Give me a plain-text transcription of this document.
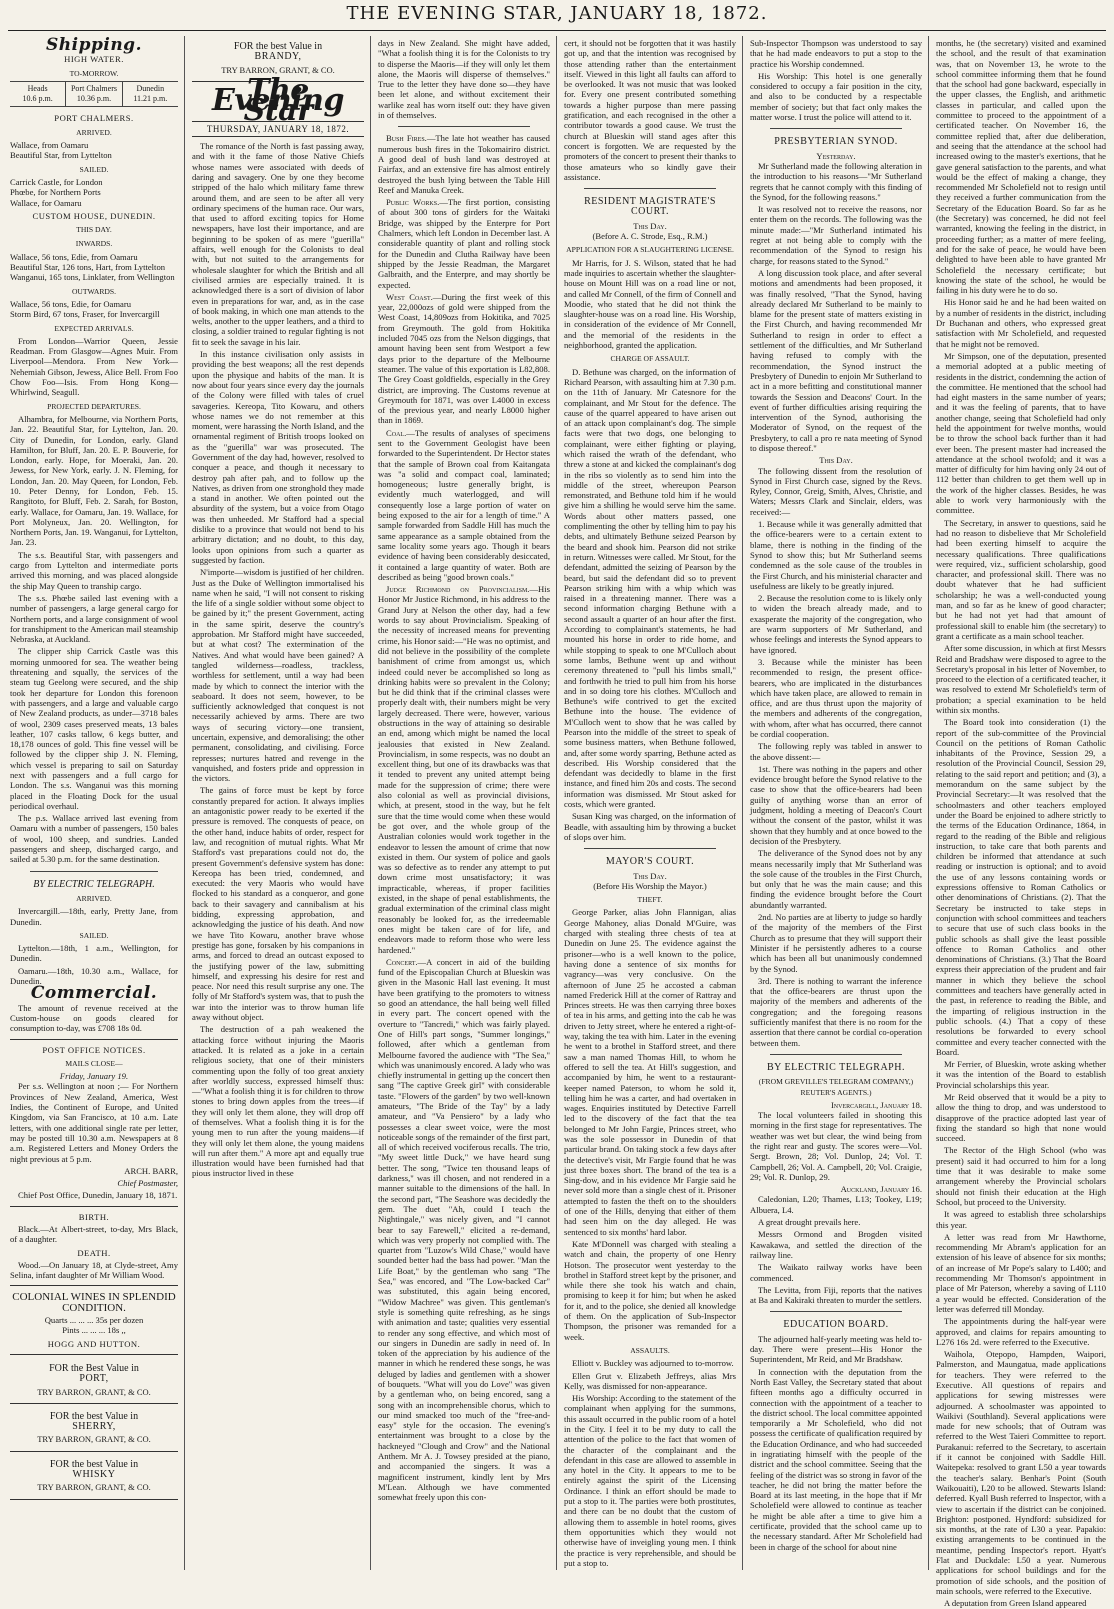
THE EVENING STAR, JANUARY 18, 1872.
Shipping.
HIGH WATER.
TO-MORROW.
Heads
10.6 p.m.
Port Chalmers
10.36 p.m.
Dunedin
11.21 p.m.
PORT CHALMERS.
ARRIVED.

Wallace, from Oamaru
Beautiful Star, from Lyttelton

SAILED.

Carrick Castle, for London
Phœbe, for Northern Ports
Wallace, for Oamaru

CUSTOM HOUSE, DUNEDIN.
THIS DAY.
INWARDS.

Wallace, 56 tons, Edie, from Oamaru
Beautiful Star, 126 tons, Hart, from Lyttelton
Wanganui, 165 tons, Linklater, from Wellington

OUTWARDS.

Wallace, 56 tons, Edie, for Oamaru
Storm Bird, 67 tons, Fraser, for Invercargill

EXPECTED ARRIVALS.

From London—Warrior Queen, Jessie Readman. From Glasgow—Agnes Muir. From Liverpool—Mendora. From New York—Nehemiah Gibson, Jewess, Alice Bell. From Foo Chow Foo—Isis. From Hong Kong—Whirlwind, Seagull.

PROJECTED DEPARTURES.

Alhambra, for Melbourne, via Northern Ports, Jan. 22. Beautiful Star, for Lyttelton, Jan. 20. City of Dunedin, for London, early. Gland Hamilton, for Bluff, Jan. 20. E. P. Bouverie, for London, early. Hope, for Moeraki, Jan. 20. Jewess, for New York, early. J. N. Fleming, for London, Jan. 20. May Queen, for London, Feb. 10. Peter Denny, for London, Feb. 15. Rangitoto, for Bluff, Feb. 2. Sarah, for Boston, early. Wallace, for Oamaru, Jan. 19. Wallace, for Port Molyneux, Jan. 20. Wellington, for Northern Ports, Jan. 19. Wanganui, for Lyttelton, Jan. 23.

The s.s. Beautiful Star, with passengers and cargo from Lyttelton and intermediate ports arrived this morning, and was placed alongside the ship May Queen to tranship cargo.

The s.s. Phœbe sailed last evening with a number of passengers, a large general cargo for Northern ports, and a large consignment of wool for transhipment to the American mail steamship Nebraska, at Auckland.

The clipper ship Carrick Castle was this morning unmoored for sea. The weather being threatening and squally, the services of the steam tug Geelong were secured, and the ship took her departure for London this forenoon with passengers, and a large and valuable cargo of New Zealand products, as under—3718 bales of wool, 2309 cases preserved meats, 13 bales leather, 107 casks tallow, 6 kegs butter, and 18,178 ounces of gold. This fine vessel will be followed by the clipper ship J. N. Fleming, which vessel is preparing to sail on Saturday next with passengers and a full cargo for London. The s.s. Wanganui was this morning placed in the Floating Dock for the usual periodical overhaul.

The p.s. Wallace arrived last evening from Oamaru with a number of passengers, 150 bales of wool, 100 sheep, and sundries. Landed passengers and sheep, discharged cargo, and sailed at 5.30 p.m. for the same destination.

BY ELECTRIC TELEGRAPH.
ARRIVED.

Invercargill.—18th, early, Pretty Jane, from Dunedin.

SAILED.

Lyttelton.—18th, 1 a.m., Wellington, for Dunedin.

Oamaru.—18th, 10.30 a.m., Wallace, for Dunedin.

Commercial.

The amount of revenue received at the Custom-house on goods cleared for consumption to-day, was £708 18s 0d.

POST OFFICE NOTICES.
MAILS CLOSE—
Friday, January 19.

Per s.s. Wellington at noon ;— For Northern Provinces of New Zealand, America, West Indies, the Continent of Europe, and United Kingdom, via San Francisco, at 10 a.m. Late letters, with one additional single rate per letter, may be posted till 10.30 a.m. Newspapers at 8 a.m. Registered Letters and Money Orders the night previous at 5 p.m.

ARCH. BARR,
Chief Postmaster,

Chief Post Office, Dunedin, January 18, 1871.

BIRTH.

Black.—At Albert-street, to-day, Mrs Black, of a daughter.

DEATH.

Wood.—On January 18, at Clyde-street, Amy Selina, infant daughter of Mr William Wood.

COLONIAL WINES IN SPLENDID CONDITION.
Quarts ... ... ... 35s per dozen
Pints ... ... ... 18s ,,
HOGG AND HUTTON.
FOR the Best Value in
PORT,
TRY BARRON, GRANT, & CO.
FOR the best Value in
SHERRY,
TRY BARRON, GRANT, & CO.
FOR the best Value in
WHISKY
TRY BARRON, GRANT, & CO.
FOR the best Value in
BRANDY,
TRY BARRON, GRANT, & CO.
The Evening Star
THURSDAY, JANUARY 18, 1872.

The romance of the North is fast passing away, and with it the fame of those Native Chiefs whose names were associated with deeds of daring and savagery. One by one they become stripped of the halo which military fame threw around them, and are seen to be after all very ordinary specimens of the human race. Our wars, that used to afford exciting topics for Home newspapers, have lost their importance, and are beginning to be spoken of as mere "guerilla" affairs, well enough for the Colonists to deal with, but not suited to the arrangements for wholesale slaughter for which the British and all civilised armies are especially trained. It is acknowledged there is a sort of division of labor even in preparations for war, and, as in the case of book making, in which one man attends to the welts, another to the upper leathers, and a third to closing, a soldier trained to regular fighting is not fit to seek the savage in his lair.

In this instance civilisation only assists in providing the best weapons; all the rest depends upon the physique and habits of the man. It is now about four years since every day the journals of the Colony were filled with tales of cruel savageries. Kereopa, Tito Kowaru, and others whose names we do not remember at this moment, were harassing the North Island, and the ornamental regiment of British troops looked on as the "guerilla" war was prosecuted. The Government of the day had, however, resolved to conquer a peace, and though it necessary to destroy pah after pah, and to follow up the Natives, as driven from one stronghold they made a stand in another. We often pointed out the absurdity of the system, but a voice from Otago was then unheeded. Mr Stafford had a special dislike to a province that would not bend to his arbitrary dictation; and no doubt, to this day, looks upon opinions from such a quarter as suggested by faction.

N'importe—wisdom is justified of her children. Just as the Duke of Wellington immortalised his name when he said, "I will not consent to risking the life of a single soldier without some object to be gained by it;" the present Government, acting in the same spirit, deserve the country's approbation. Mr Stafford might have succeeded, but at what cost? The extermination of the Natives. And what would have been gained? A tangled wilderness—roadless, trackless, worthless for settlement, until a way had been made by which to connect the interior with the seaboard. It does not seem, however, to be sufficiently acknowledged that conquest is not necessarily achieved by arms. There are two ways of securing victory—one transient, uncertain, expensive, and demoralising; the other permanent, consolidating, and civilising. Force represses; nurtures hatred and revenge in the vanquished, and fosters pride and oppression in the victors.

The gains of force must be kept by force constantly prepared for action. It always implies an antagonistic power ready to be exerted if the pressure is removed. The conquests of peace, on the other hand, induce habits of order, respect for law, and recognition of mutual rights. What Mr Stafford's vast preparations could not do, the present Government's defensive system has done: Kereopa has been tried, condemned, and executed: the very Maoris who would have flocked to his standard as a conqueror, and gone back to their savagery and cannibalism at his bidding, expressing approbation, and acknowledging the justice of his death. And now we have Tito Kowaru, another brave whose prestige has gone, forsaken by his companions in arms, and forced to dread an outcast exposed to the justifying power of the law, submitting himself, and expressing his desire for rest and peace. Nor need this result surprise any one. The folly of Mr Stafford's system was, that to push the war into the interior was to throw human life away without object.

The destruction of a pah weakened the attacking force without injuring the Maoris attacked. It is related as a joke in a certain religious society, that one of their ministers commenting upon the folly of too great anxiety after worldly success, expressed himself thus:—"What a foolish thing it is for children to throw stones to bring down apples from the trees—if they will only let them alone, they will drop off of themselves. What a foolish thing it is for the young men to run after the young maidens—if they will only let them alone, the young maidens will run after them." A more apt and equally true illustration would have been furnished had that pious instructor lived in these

days in New Zealand. She might have added, "What a foolish thing it is for the Colonists to try to disperse the Maoris—if they will only let them alone, the Maoris will disperse of themselves." True to the letter they have done so—they have been let alone, and without excitement their warlike zeal has worn itself out: they have given in of themselves.

Bush Fires.—The late hot weather has caused numerous bush fires in the Tokomairiro district. A good deal of bush land was destroyed at Fairfax, and an extensive fire has almost entirely destroyed the bush lying between the Table Hill Reef and Manuka Creek.

Public Works.—The first portion, consisting of about 300 tons of girders for the Waitaki Bridge, was shipped by the Enterpre for Port Chalmers, which left London in December last. A considerable quantity of plant and rolling stock for the Dunedin and Clutha Railway have been shipped by the Jessie Readman, the Margaret Galbraith, and the Enterpre, and may shortly be expected.

West Coast.—During the first week of this year, 22,000ozs of gold were shipped from the West Coast, 14,809ozs from Hokitika, and 7025 from Greymouth. The gold from Hokitika included 7045 ozs from the Nelson diggings, that amount having been sent from Westport a few days prior to the departure of the Melbourne steamer. The value of this exportation is L82,808. The Grey Coast goldfields, especially in the Grey district, are improving. The Customs revenue at Greymouth for 1871, was over L4000 in excess of the previous year, and nearly L8000 higher than in 1869.

Coal.—The results of analyses of specimens sent to the Government Geologist have been forwarded to the Superintendent. Dr Hector states that the sample of Brown coal from Kaitangata was "a solid and compact coal, laminated; homogeneous; lustre generally bright, is evidently much waterlogged, and will consequently lose a large portion of water on being exposed to the air for a length of time." A sample forwarded from Saddle Hill has much the same appearance as a sample obtained from the same locality some years ago. Though it bears evidence of having been considerably desiccated, it contained a large quantity of water. Both are described as being "good brown coals."

Judge Richmond on Provincialism.—His Honor Mr Justice Richmond, in his address to the Grand Jury at Nelson the other day, had a few words to say about Provincialism. Speaking of the necessity of increased means for preventing crime, his Honor said:—"He was no optimist, and did not believe in the possibility of the complete banishment of crime from amongst us, which indeed could never be accomplished so long as drinking habits were so prevalent in the Colony; but he did think that if the criminal classes were properly dealt with, their numbers might be very largely decreased. There were, however, various obstructions in the way of attaining so desirable an end, among which might be named the local jealousies that existed in New Zealand. Provincialism, in some respects, was no doubt an excellent thing, but one of its drawbacks was that it tended to prevent any united attempt being made for the suppression of crime; there were also colonial as well as provincial divisions, which, at present, stood in the way, but he felt sure that the time would come when these would be got over, and the whole group of the Australian colonies would work together in the endeavor to lessen the amount of crime that now existed in them. Our system of police and gaols was so defective as to render any attempt to put down crime most unsatisfactory; it was impracticable, whereas, if proper facilities existed, in the shape of penal establishments, the gradual extermination of the criminal class might reasonably be looked for, as the irredeemable ones might be taken care of for life, and endeavors made to reform those who were less hardened."

Concert.—A concert in aid of the building fund of the Episcopalian Church at Blueskin was given in the Masonic Hall last evening. It must have been gratifying to the promoters to witness so good an attendance, the hall being well filled in every part. The concert opened with the overture to "Tancredi," which was fairly played. One of Hill's part songs, "Summer longings," followed, after which a gentleman from Melbourne favored the audience with "The Sea," which was unanimously encored. A lady who was chiefly instrumental in getting up the concert then sang "The captive Greek girl" with considerable taste. "Flowers of the garden" by two well-known amateurs, "The Bride of the Tay" by a lady amateur, and "Va Pensiero" by a lady who possesses a clear sweet voice, were the most noticeable songs of the remainder of the first part, all of which received vociferous recalls. The trio, "My sweet little Duck," we have heard sung better. The song, "Twice ten thousand leaps of darkness," was ill chosen, and not rendered in a manner suitable to the dimensions of the hall. In the second part, "The Seashore was decidedly the gem. The duet "Ah, could I teach the Nightingale," was nicely given, and "I cannot bear to say Farewell," elicited a re-demand, which was very properly not complied with. The quartet from "Luzow's Wild Chase," would have sounded better had the bass had power. "Man the Life Boat," by the gentleman who sang "The Sea," was encored, and "The Low-backed Car" was substituted, this again being encored, "Widow Machree" was given. This gentleman's style is something quite refreshing, as he sings with animation and taste; qualities very essential to render any song effective, and which most of our singers in Dunedin are sadly in need of. In token of the appreciation by his audience of the manner in which he rendered these songs, he was deluged by ladies and gentlemen with a shower of bouquets. "What will you do Love" was given by a gentleman who, on being encored, sang a song with an incomprehensible chorus, which to our mind smacked too much of the "free-and-easy" style for the occasion. The evening's entertainment was brought to a close by the hackneyed "Clough and Crow" and the National Anthem. Mr A. J. Towsey presided at the piano, and accompanied the singers. It was a magnificent instrument, kindly lent by Mrs M'Lean. Although we have commented somewhat freely upon this con-

cert, it should not be forgotten that it was hastily got up, and that the intention was recognised by those attending rather than the entertainment itself. Viewed in this light all faults can afford to be overlooked. It was not music that was looked for. Every one present contributed something towards a higher purpose than mere passing gratification, and each recognised in the other a contributor towards a good cause. We trust the church at Blueskin will stand ages after this concert is forgotten. We are requested by the promoters of the concert to present their thanks to those amateurs who so kindly gave their assistance.

RESIDENT MAGISTRATE'S COURT.
This Day.
(Before A. C. Strode, Esq., R.M.)
APPLICATION FOR A SLAUGHTERING LICENSE.

Mr Harris, for J. S. Wilson, stated that he had made inquiries to ascertain whether the slaughter-house on Mount Hill was on a road line or not, and called Mr Connell, of the firm of Connell and Moodie, who stated that he did not think the slaughter-house was on a road line. His Worship, in consideration of the evidence of Mr Connell, and the memorial of the residents in the neighborhood, granted the application.

CHARGE OF ASSAULT.

D. Bethune was charged, on the information of Richard Pearson, with assaulting him at 7.30 p.m. on the 11th of January. Mr Catesnore for the complainant, and Mr Stout for the defence. The cause of the quarrel appeared to have arisen out of an attack upon complainant's dog. The simple facts were that two dogs, one belonging to complainant, were either fighting or playing, which raised the wrath of the defendant, who threw a stone at and kicked the complainant's dog in the ribs so violently as to send him into the middle of the street, whereupon Pearson remonstrated, and Bethune told him if he would give him a shilling he would serve him the same. Words about other matters passed, one complimenting the other by telling him to pay his debts, and ultimately Bethune seized Pearson by the beard and shook him. Pearson did not strike in return. Witnesses were called. Mr Stout, for the defendant, admitted the seizing of Pearson by the beard, but said the defendant did so to prevent Pearson striking him with a whip which was raised in a threatening manner. There was a second information charging Bethune with a second assault a quarter of an hour after the first. According to complainant's statements, he had mounted his horse in order to ride home, and while stopping to speak to one M'Culloch about some lambs, Bethune went up and without ceremony threatened to "pull his limbs small," and forthwith he tried to pull him from his horse and in so doing tore his clothes. M'Culloch and Bethune's wife contrived to get the excited Bethune into the house. The evidence of M'Culloch went to show that he was called by Pearson into the middle of the street to speak of some business matters, when Bethune followed, and, after some wordy sparring, Bethune acted as described. His Worship considered that the defendant was decidedly to blame in the first instance, and fined him 20s and costs. The second information was dismissed. Mr Stout asked for costs, which were granted.

Susan King was charged, on the information of Beadle, with assaulting him by throwing a bucket of slops over him.

MAYOR'S COURT.
This Day.
(Before His Worship the Mayor.)
THEFT.

George Parker, alias John Flannigan, alias George Mahoney, alias Donald M'Guire, was charged with stealing three chests of tea at Dunedin on June 25. The evidence against the prisoner—who is a well known to the police, having done a sentence of six months for vagrancy—was very conclusive. On the afternoon of June 25 he accosted a cabman named Frederick Hill at the corner of Rattray and Princes streets. He was then carrying three boxes of tea in his arms, and getting into the cab he was driven to Jetty street, where he entered a right-of-way, taking the tea with him. Later in the evening he went to a brothel in Stafford street, and there saw a man named Thomas Hill, to whom he offered to sell the tea. At Hill's suggestion, and accompanied by him, he went to a restaurant-keeper named Paterson, to whom he sold it, telling him he was a carter, and had overtaken in wages. Enquiries instituted by Detective Farrell led to the discovery of the fact that the tea belonged to Mr John Fargie, Princes street, who was the sole possessor in Dunedin of that particular brand. On taking stock a few days after the detective's visit, Mr Fargie found that he was just three boxes short. The brand of the tea is a Sing-dow, and in his evidence Mr Fargie said he never sold more than a single chest of it. Prisoner attempted to fasten the theft on to the shoulders of one of the Hills, denying that either of them had seen him on the day alleged. He was sentenced to six months' hard labor.

Kate M'Donnell was charged with stealing a watch and chain, the property of one Henry Hotson. The prosecutor went yesterday to the brothel in Stafford street kept by the prisoner, and while there she took his watch and chain, promising to keep it for him; but when he asked for it, and to the police, she denied all knowledge of them. On the application of Sub-Inspector Thompson, the prisoner was remanded for a week.

ASSAULTS.

Elliott v. Buckley was adjourned to to-morrow.

Ellen Grut v. Elizabeth Jeffreys, alias Mrs Kelly, was dismissed for non-appearance.

His Worship: According to the statement of the complainant when applying for the summons, this assault occurred in the public room of a hotel in the City. I feel it to be my duty to call the attention of the police to the fact that women of the character of the complainant and the defendant in this case are allowed to assemble in any hotel in the City. It appears to me to be entirely against the spirit of the Licensing Ordinance. I think an effort should be made to put a stop to it. The parties were both prostitutes, and there can be no doubt that the custom of allowing them to assemble in hotel rooms, gives them opportunities which they would not otherwise have of inveigling young men. I think the practice is very reprehensible, and should be put a stop to.

Sub-Inspector Thompson was understood to say that he had made endeavors to put a stop to the practice his Worship condemned.

His Worship: This hotel is one generally considered to occupy a fair position in the city, and also to be conducted by a respectable member of society; but that fact only makes the matter worse. I trust the police will attend to it.

PRESBYTERIAN SYNOD.
Yesterday.

Mr Sutherland made the following alteration in the introduction to his reasons—"Mr Sutherland regrets that he cannot comply with this finding of the Synod, for the following reasons."

It was resolved not to receive the reasons, nor enter them on the records. The following was the minute made:—"Mr Sutherland intimated his regret at not being able to comply with the recommendation of the Synod to resign his charge, for reasons stated to the Synod."

A long discussion took place, and after several motions and amendments had been proposed, it was finally resolved, "That the Synod, having already declared Mr Sutherland to be mainly to blame for the present state of matters existing in the First Church, and having recommended Mr Sutherland to resign in order to effect a settlement of the difficulties, and Mr Sutherland having refused to comply with the recommendation, the Synod instruct the Presbytery of Dunedin to enjoin Mr Sutherland to act in a more befitting and constitutional manner towards the Session and Deacons' Court. In the event of further difficulties arising requiring the intervention of the Synod, authorising the Moderator of Synod, on the request of the Presbytery, to call a pro re nata meeting of Synod to dispose thereof."

This Day.

The following dissent from the resolution of Synod in First Church case, signed by the Revs. Ryley, Connor, Greig, Smith, Alves, Christie, and Waters; Messrs Clark and Sinclair, elders, was received:—

1. Because while it was generally admitted that the office-bearers were to a certain extent to blame, there is nothing in the finding of the Synod to show this; but Mr Sutherland seems condemned as the sole cause of the troubles in the First Church, and his ministerial character and usefulness are likely to be greatly injured.

2. Because the resolution come to is likely only to widen the breach already made, and to exasperate the majority of the congregation, who are warm supporters of Mr Sutherland, and whose feelings and interests the Synod appears to have ignored.

3. Because while the minister has been recommended to resign, the present office-bearers, who are implicated in the disturbances which have taken place, are allowed to remain in office, and are thus thrust upon the majority of the members and adherents of the congregation, with whom, after what has occurred, there cannot be cordial cooperation.

The following reply was tabled in answer to the above dissent:—

1st. There was nothing in the papers and other evidence brought before the Synod relative to the case to show that the office-bearers had been guilty of anything worse than an error of judgment, holding a meeting of Deacon's Court without the consent of the pastor, whilst it was shown that they humbly and at once bowed to the decision of the Presbytery.

The deliverance of the Synod does not by any means necessarily imply that Mr Sutherland was the sole cause of the troubles in the First Church, but only that he was the main cause; and this finding the evidence brought before the Court abundantly warranted.

2nd. No parties are at liberty to judge so hardly of the majority of the members of the First Church as to presume that they will support their Minister if he persistently adheres to a course which has been all but unanimously condemned by the Synod.

3rd. There is nothing to warrant the inference that the office-bearers are thrust upon the majority of the members and adherents of the congregation; and the foregoing reasons sufficiently manifest that there is no room for the assertion that there cannot be cordial co-operation between them.

BY ELECTRIC TELEGRAPH.
(FROM GREVILLE'S TELEGRAM COMPANY,) REUTER'S AGENTS.)
Invercargill, January 18.

The local volunteers failed in shooting this morning in the first stage for representatives. The weather was wet but clear, the wind being from the right rear and gusty. The scores were—Vol. Sergt. Brown, 28; Vol. Dunlop, 24; Vol. T. Campbell, 26; Vol. A. Campbell, 20; Vol. Craigie, 29; Vol. R. Dunlop, 29.

Auckland, January 16.

Caledonian, L20; Thames, L13; Tookey, L19; Albuera, L4.

A great drought prevails here.

Messrs Ormond and Brogden visited Kawakawa, and settled the direction of the railway line.

The Waikato railway works have been commenced.

The Levitta, from Fiji, reports that the natives at Ba and Kakiraki threaten to murder the settlers.

EDUCATION BOARD.

The adjourned half-yearly meeting was held to-day. There were present—His Honor the Superintendent, Mr Reid, and Mr Bradshaw.

In connection with the deputation from the North East Valley, the Secretary stated that about fifteen months ago a difficulty occurred in connection with the appointment of a teacher to the district school. The local committee appointed temporarily a Mr Scholefield, who did not possess the certificate of qualification required by the Education Ordinance, and who had succeeded in ingratiating himself with the people of the district and the school committee. Seeing that the feeling of the district was so strong in favor of the teacher, he did not bring the matter before the Board at its last meeting, in the hope that if Mr Scholefield were allowed to continue as teacher he might be able after a time to give him a certificate, provided that the school came up to the necessary standard. After Mr Scholefield had been in charge of the school for about nine

months, he (the secretary) visited and examined the school, and the result of that examination was, that on November 13, he wrote to the school committee informing them that he found that the school had gone backward, especially in the upper classes, the English, and arithmetic classes in particular, and called upon the committee to proceed to the appointment of a certificated teacher. On November 16, the committee replied that, after due deliberation, and seeing that the attendance at the school had increased owing to the master's exertions, that he gave general satisfaction to the parents, and what would be the effect of making a change, they recommended Mr Scholefield not to resign until they received a further communication from the Secretary of the Education Board. So far as he (the Secretary) was concerned, he did not feel warranted, knowing the feeling in the district, in proceeding further; as a matter of mere feeling, and for the sake of peace, he would have been delighted to have been able to have granted Mr Scholefield the necessary certificate; but knowing the state of the school, he would be failing in his duty were he to do so.

His Honor said he and he had been waited on by a number of residents in the district, including Dr Buchanan and others, who expressed great satisfaction with Mr Scholefield, and requested that he might not be removed.

Mr Simpson, one of the deputation, presented a memorial adopted at a public meeting of residents in the district, condemning the action of the committee. He mentioned that the school had had eight masters in the same number of years; and it was the feeling of parents, that to have another change, seeing that Scholefield had only held the appointment for twelve months, would be to throw the school back further than it had ever been. The present master had increased the attendance at the school twofold; and it was a matter of difficulty for him having only 24 out of 112 better than children to get them well up in the work of the higher classes. Besides, he was able to work very harmoniously with the committee.

The Secretary, in answer to questions, said he had no reason to disbelieve that Mr Scholefield had been exerting himself to acquire the necessary qualifications. Three qualifications were required, viz., sufficient scholarship, good character, and professional skill. There was no doubt whatever that he had sufficient scholarship; he was a well-conducted young man, and so far as he knew of good character; but he had not yet had that amount of professional skill to enable him (the secretary) to grant a certificate as a main school teacher.

After some discussion, in which at first Messrs Reid and Bradshaw were disposed to agree to the Secretary's proposal in his letter of November, to proceed to the election of a certificated teacher, it was resolved to extend Mr Scholefield's term of probation; a special examination to be held within six months.

The Board took into consideration (1) the report of the sub-committee of the Provincial Council on the petitions of Roman Catholic inhabitants of the Province, Session 29, a resolution of the Provincial Council, Session 29, relating to the said report and petition; and (3), a memorandum on the same subject by the Provincial Secretary:—It was resolved that the schoolmasters and other teachers employed under the Board be enjoined to adhere strictly to the terms of the Education Ordinance, 1864, in regard to the reading of the Bible and religious instruction, to take care that both parents and children be informed that attendance at such reading or instruction is optional; and to avoid the use of any lessons containing words or expressions offensive to Roman Catholics or other denominations of Christians. (2). That the Secretary be instructed to take steps in conjunction with school committees and teachers to secure that use of such class books in the public schools as shall give the least possible offence to Roman Catholics and other denominations of Christians. (3.) That the Board express their appreciation of the prudent and fair manner in which they believe the school committees and teachers have generally acted in the past, in reference to reading the Bible, and the imparting of religious instruction in the public schools. (4.) That a copy of these resolutions be forwarded to every school committee and every teacher connected with the Board.

Mr Ferrier, of Blueskin, wrote asking whether it was the intention of the Board to establish Provincial scholarships this year.

Mr Reid observed that it would be a pity to allow the thing to drop, and was understood to disapprove of the practice adopted last year of fixing the standard so high that none would succeed.

The Rector of the High School (who was present) said it had occurred to him for a long time that it was desirable to make some arrangement whereby the Provincial scholars should not finish their education at the High School, but proceed to the University.

It was agreed to establish three scholarships this year.

A letter was read from Mr Hawthorne, recommending Mr Abram's application for an extension of his leave of absence for six months; of an increase of Mr Pope's salary to L400; and recommending Mr Thomson's appointment in place of Mr Paterson, whereby a saving of L110 a year would be effected. Consideration of the letter was deferred till Monday.

The appointments during the half-year were approved, and claims for repairs amounting to L276 16s 2d. were referred to the Executive.

Waihola, Otepopo, Hampden, Waipori, Palmerston, and Maungatua, made applications for teachers. They were referred to the Executive. All questions of repairs and applications for sewing mistresses were adjourned. A schoolmaster was appointed to Waikivi (Southland). Several applications were made for new schools; that of Outram was referred to the West Taieri Committee to report. Purakanui: referred to the Secretary, to ascertain if it cannot be conjoined with Saddle Hill. Waitepeka: resolved to grant L50 a year towards the teacher's salary. Benhar's Point (South Waikouaiti), L20 to be allowed. Stewarts Island: deferred. Kyall Bush referred to Inspector, with a view to ascertain if the district can be conjoined. Brighton: postponed. Hyndford: subsidized for six months, at the rate of L30 a year. Papakio: existing arrangements to be continued in the meantime, pending Inspector's report. Hyatt's Flat and Duckdale: L50 a year. Numerous applications for school buildings and for the promotion of side schools, and the position of main schools, were referred to the Executive.

A deputation from Green Island appeared
